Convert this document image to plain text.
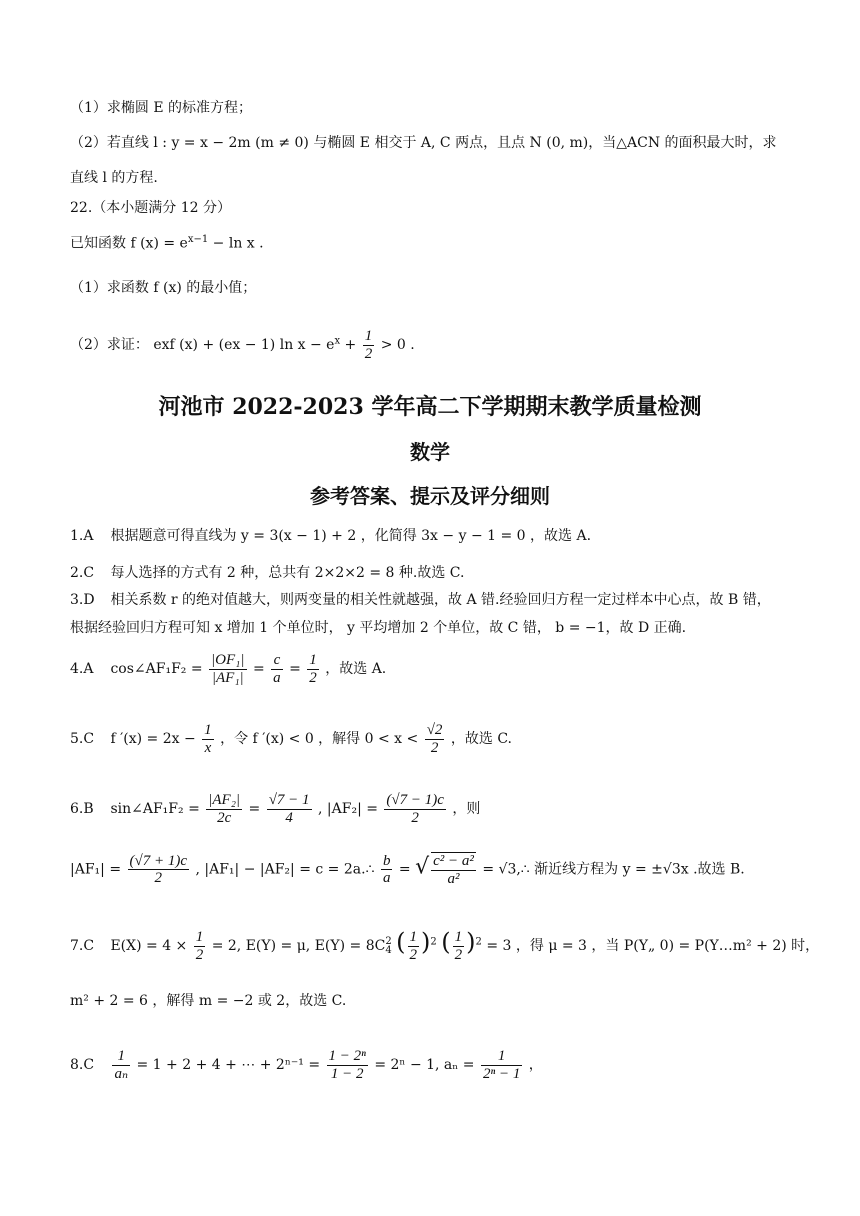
（1）求椭圆 E 的标准方程；
（2）若直线 l : y = x − 2m (m ≠ 0) 与椭圆 E 相交于 A, C 两点，且点 N (0, m)，当△ACN 的面积最大时，求
直线 l 的方程.
22.（本小题满分 12 分）
已知函数 f $(x) = e^{x-1} - \ln x$ .
（1）求函数 f (x) 的最小值；
（2）求证： exf (x) + (ex − 1) $\ln x - e^x + \frac{1}{2} > 0$ .
河池市 2022-2023 学年高二下学期期末教学质量检测
数学
参考答案、提示及评分细则
1.A 根据题意可得直线为 y = 3(x − 1) + 2 ，化简得 3x − y − 1 = 0 ，故选 A.
2.C 每人选择的方式有 2 种，总共有 2×2×2 = 8 种.故选 C.
3.D 相关系数 r 的绝对值越大，则两变量的相关性就越强，故 A 错.经验回归方程一定过样本中心点，故 B 错，
根据经验回归方程可知 x 增加 1 个单位时， y 平均增加 2 个单位，故 C 错， b = −1，故 D 正确.
4.A cos∠AF₁F₂ = $\frac{\text{|OF₁|}}{\text{|AF₁|}} = \frac{c}{a} = \frac{1}{2}$ ，故选 A.
5.C f $'(x) = 2x - \frac{1}{x}$ ，令 f ′(x) < 0 ，解得 $0 < x < \frac{√2}{2}$ ，故选 C.
6.B sin∠AF₁F₂ = $\frac{\text{|AF₂|}}{2c} = \frac{√7 - 1}{4}$ , $|AF_2| = \frac{(√7 - 1)c}{2}$ ，则
$|AF_1| = \frac{(√7 + 1)c}{2}$ , |AF₁| − |AF₂| = c = 2a.∴ $\frac{b}{a}$ = √ $\frac{\text{c² − a²}}{\text{a²}}$ = √3,∴ 渐近线方程为 y = ±√3x .故选 B.
7.C $E(X) = 4 \times \frac{1}{2} = 2$, E(Y) = μ, E(Y) = 8C 2
4 ( $\frac{1}{2} )^2$ ( $\frac{1}{2} )^2 = 3$ ，得 μ = 3 ，当 P(Y„ 0) = P(Y…m² + 2) 时，
m² + 2 = 6 ，解得 m = −2 或 2，故选 C.
$8.C \frac{1}{\text{aₙ}} = 1 + 2 + 4$ + ⋯ + $2^{n-1} = \frac{\text{1 − 2ⁿ}}{1 - 2} = 2^n - 1$, $a_n = \frac{1}{\text{2ⁿ − 1}}$ ，
